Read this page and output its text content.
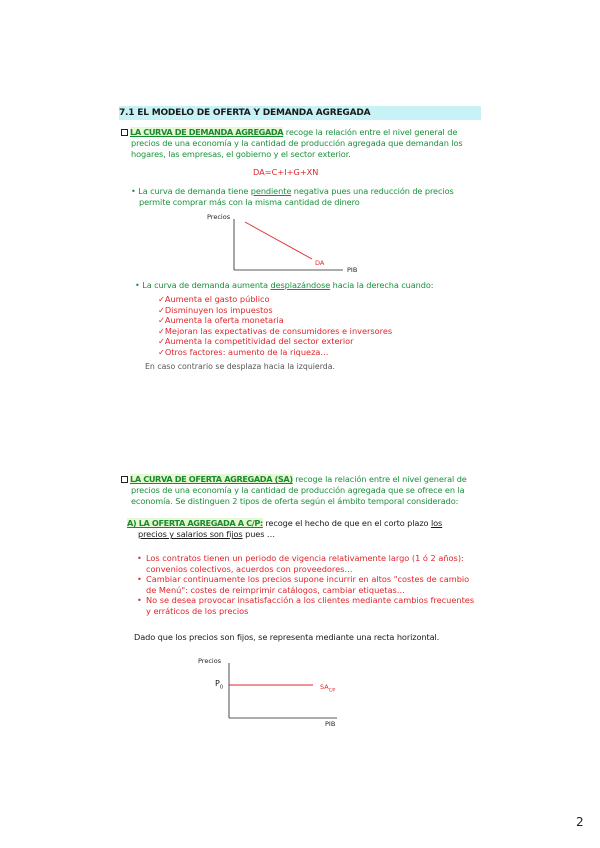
7.1 EL MODELO DE OFERTA Y DEMANDA AGREGADA
LA CURVA DE DEMANDA AGREGADA recoge la relación entre el nivel general de
precios de una economía y la cantidad de producción agregada que demandan los
hogares, las empresas, el gobierno y el sector exterior.
DA=C+I+G+XN
• La curva de demanda tiene pendiente negativa pues una reducción de precios
permite comprar más con la misma cantidad de dinero
Precios
DA
PIB
• La curva de demanda aumenta desplazándose hacia la derecha cuando:
✓Aumenta el gasto público
✓Disminuyen los impuestos
✓Aumenta la oferta monetaria
✓Mejoran las expectativas de consumidores e inversores
✓Aumenta la competitividad del sector exterior
✓Otros factores: aumento de la riqueza…
En caso contrario se desplaza hacia la izquierda.
LA CURVA DE OFERTA AGREGADA (SA) recoge la relación entre el nivel general de
precios de una economía y la cantidad de producción agregada que se ofrece en la
economía. Se distinguen 2 tipos de oferta según el ámbito temporal considerado:
A) LA OFERTA AGREGADA A C/P: recoge el hecho de que en el corto plazo los
precios y salarios son fijos pues …
• Los contratos tienen un periodo de vigencia relativamente largo (1 ó 2 años):
convenios colectivos, acuerdos con proveedores…
• Cambiar continuamente los precios supone incurrir en altos "costes de cambio
de Menú": costes de reimprimir catálogos, cambiar etiquetas…
• No se desea provocar insatisfacción a los clientes mediante cambios frecuentes
y erráticos de los precios
Dado que los precios son fijos, se representa mediante una recta horizontal.
Precios
$P_0$	$SA_{C/P}$
PIB
2
